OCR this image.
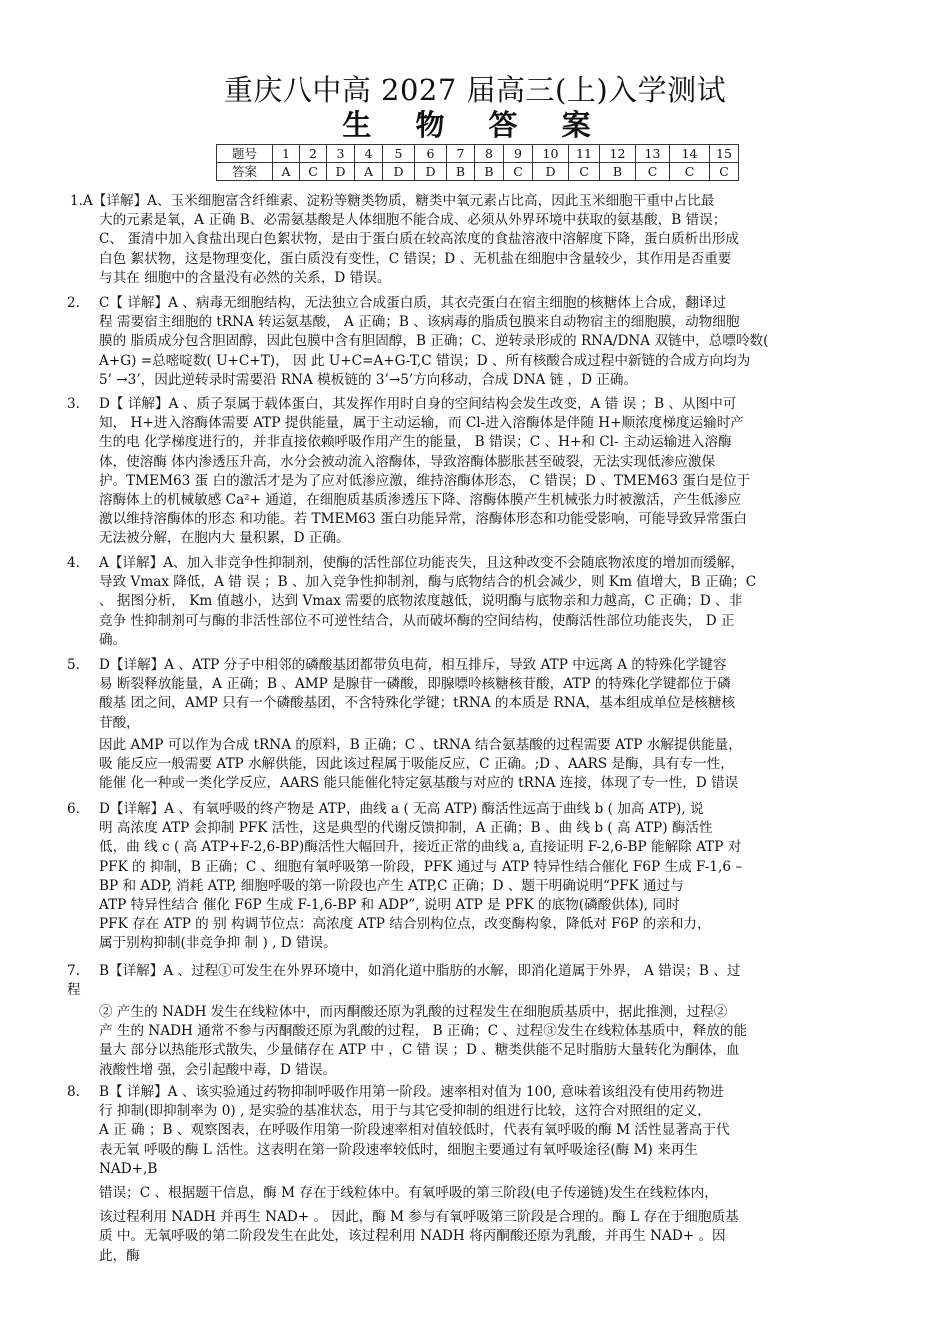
重庆八中高 2027 届高三(上)入学测试
生 物 答 案
题号	1	2	3	4	5	6	7	8	9	10	11	12	13	14	15
答案	A	C	D	A	D	D	B	B	C	D	C	B	C	C	C

1.A【详解】A、玉米细胞富含纤维素、淀粉等糖类物质，糖类中氧元素占比高，因此玉米细胞干重中占比最

大的元素是氧，A 正确 B、必需氨基酸是人体细胞不能合成、必须从外界环境中获取的氨基酸，B 错误；

C、 蛋清中加入食盐出现白色絮状物，是由于蛋白质在较高浓度的食盐溶液中溶解度下降，蛋白质析出形成

白色 絮状物，这是物理变化，蛋白质没有变性，C 错误；D 、无机盐在细胞中含量较少，其作用是否重要

与其在 细胞中的含量没有必然的关系，D 错误。

2. C【 详解】A 、病毒无细胞结构，无法独立合成蛋白质，其衣壳蛋白在宿主细胞的核糖体上合成，翻译过

程 需要宿主细胞的 tRNA 转运氨基酸， A 正确；B 、该病毒的脂质包膜来自动物宿主的细胞膜，动物细胞

膜的 脂质成分包含胆固醇，因此包膜中含有胆固醇，B 正确；C、逆转录形成的 RNA/DNA 双链中，总嘌呤数(

A+G) =总嘧啶数( U+C+T)， 因 此 U+C=A+G-T,C 错误；D 、所有核酸合成过程中新链的合成方向均为

5’ →3’，因此逆转录时需要沿 RNA 模板链的 3’→5’方向移动，合成 DNA 链 ，D 正确。

3. D【 详解】A 、质子泵属于载体蛋白，其发挥作用时自身的空间结构会发生改变，A 错 误 ；B 、从图中可

知， H+进入溶酶体需要 ATP 提供能量，属于主动运输，而 Cl-进入溶酶体是伴随 H+顺浓度梯度运输时产

生的电 化学梯度进行的，并非直接依赖呼吸作用产生的能量， B 错误；C 、H+和 Cl- 主动运输进入溶酶

体，使溶酶 体内渗透压升高，水分会被动流入溶酶体，导致溶酶体膨胀甚至破裂，无法实现低渗应激保

护。TMEM63 蛋 白的激活才是为了应对低渗应激，维持溶酶体形态， C 错误；D 、TMEM63 蛋白是位于

溶酶体上的机械敏感 Ca²+ 通道，在细胞质基质渗透压下降、溶酶体膜产生机械张力时被激活，产生低渗应

激以维持溶酶体的形态 和功能。若 TMEM63 蛋白功能异常，溶酶体形态和功能受影响，可能导致异常蛋白

无法被分解，在胞内大 量积累，D 正确。

4. A【详解】A、加入非竞争性抑制剂，使酶的活性部位功能丧失，且这种改变不会随底物浓度的增加而缓解，

导致 Vmax 降低，A 错 误 ；B 、加入竞争性抑制剂，酶与底物结合的机会减少，则 Km 值增大，B 正确；C

、 据图分析， Km 值越小，达到 Vmax 需要的底物浓度越低，说明酶与底物亲和力越高，C 正确；D 、非

竞争 性抑制剂可与酶的非活性部位不可逆性结合，从而破坏酶的空间结构，使酶活性部位功能丧失， D 正

确。

5. D【详解】A 、ATP 分子中相邻的磷酸基团都带负电荷，相互排斥，导致 ATP 中远离 A 的特殊化学键容

易 断裂释放能量，A 正确；B 、AMP 是腺苷一磷酸，即腺嘌呤核糖核苷酸，ATP 的特殊化学键都位于磷

酸基 团之间，AMP 只有一个磷酸基团，不含特殊化学键；tRNA 的本质是 RNA，基本组成单位是核糖核

苷酸，

因此 AMP 可以作为合成 tRNA 的原料，B 正确；C 、tRNA 结合氨基酸的过程需要 ATP 水解提供能量，

吸 能反应一般需要 ATP 水解供能，因此该过程属于吸能反应，C 正确。;D 、AARS 是酶，具有专一性，

能催 化一种或一类化学反应，AARS 能只能催化特定氨基酸与对应的 tRNA 连接，体现了专一性，D 错误

6. D【详解】A 、有氧呼吸的终产物是 ATP，曲线 a ( 无高 ATP) 酶活性远高于曲线 b ( 加高 ATP), 说

明 高浓度 ATP 会抑制 PFK 活性，这是典型的代谢反馈抑制，A 正确；B 、曲 线 b ( 高 ATP) 酶活性

低，曲 线 c ( 高 ATP+F-2,6-BP)酶活性大幅回升，接近正常的曲线 a, 直接证明 F-2,6-BP 能解除 ATP 对

PFK 的 抑制，B 正确；C 、细胞有氧呼吸第一阶段，PFK 通过与 ATP 特异性结合催化 F6P 生成 F-1,6 –

BP 和 ADP, 消耗 ATP, 细胞呼吸的第一阶段也产生 ATP,C 正确；D 、题干明确说明“PFK 通过与

ATP 特异性结合 催化 F6P 生成 F-1,6-BP 和 ADP”, 说明 ATP 是 PFK 的底物(磷酸供体), 同时

PFK 存在 ATP 的 别 构调节位点：高浓度 ATP 结合别构位点，改变酶构象，降低对 F6P 的亲和力，

属于别构抑制(非竞争抑 制 ) , D 错误。

7. B【详解】A 、过程①可发生在外界环境中，如消化道中脂肪的水解，即消化道属于外界， A 错误；B 、过

程

② 产生的 NADH 发生在线粒体中，而丙酮酸还原为乳酸的过程发生在细胞质基质中，据此推测，过程②

产 生的 NADH 通常不参与丙酮酸还原为乳酸的过程， B 正确；C 、过程③发生在线粒体基质中，释放的能

量大 部分以热能形式散失，少量储存在 ATP 中 ，C 错 误 ；D 、糖类供能不足时脂肪大量转化为酮体，血

液酸性增 强，会引起酸中毒，D 错误。

8. B【 详解】A 、该实验通过药物抑制呼吸作用第一阶段。速率相对值为 100, 意味着该组没有使用药物进

行 抑制(即抑制率为 0) , 是实验的基准状态，用于与其它受抑制的组进行比较，这符合对照组的定义，

A 正 确 ；B 、观察图表，在呼吸作用第一阶段速率相对值较低时，代表有氧呼吸的酶 M 活性显著高于代

表无氧 呼吸的酶 L 活性。这表明在第一阶段速率较低时，细胞主要通过有氧呼吸途径(酶 M) 来再生

NAD+,B

错误；C 、根据题干信息，酶 M 存在于线粒体中。有氧呼吸的第三阶段(电子传递链)发生在线粒体内，

该过程利用 NADH 并再生 NAD+ 。 因此，酶 M 参与有氧呼吸第三阶段是合理的。酶 L 存在于细胞质基

质 中。无氧呼吸的第二阶段发生在此处，该过程利用 NADH 将丙酮酸还原为乳酸，并再生 NAD+ 。因

此，酶
